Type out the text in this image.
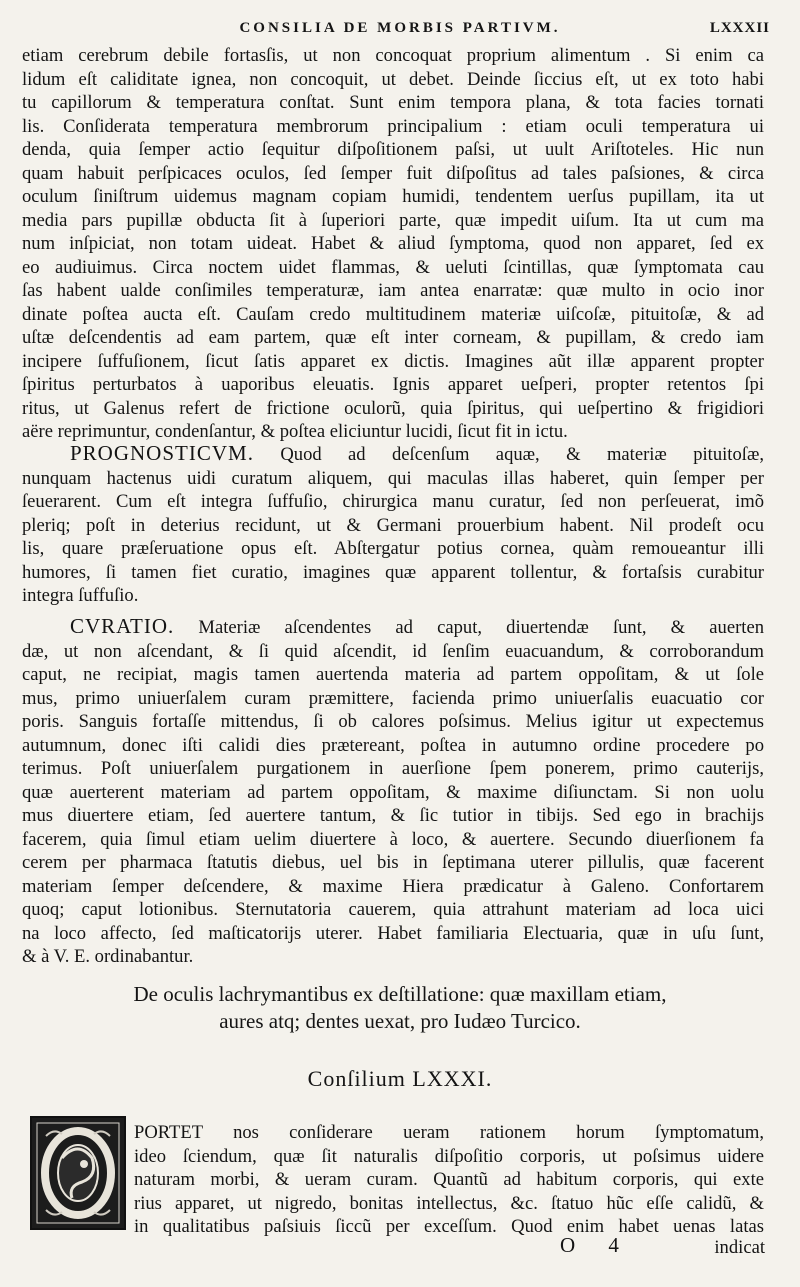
CONSILIA DE MORBIS PARTIVM.	LXXXII
etiam cerebrum debile fortasſis, ut non concoquat proprium alimentum . Si enim ca
lidum eſt caliditate ignea, non concoquit, ut debet. Deinde ſiccius eſt, ut ex toto habi
tu capillorum & temperatura conſtat. Sunt enim tempora plana, & tota facies tornati
lis. Conſiderata temperatura membrorum principalium : etiam oculi temperatura ui
denda, quia ſemper actio ſequitur diſpoſitionem paſsi, ut uult Ariſtoteles. Hic nun
quam habuit perſpicaces oculos, ſed ſemper fuit diſpoſitus ad tales paſsiones, & circa
oculum ſiniſtrum uidemus magnam copiam humidi, tendentem uerſus pupillam, ita ut
media pars pupillæ obducta ſit à ſuperiori parte, quæ impedit uiſum. Ita ut cum ma
num inſpiciat, non totam uideat. Habet & aliud ſymptoma, quod non apparet, ſed ex
eo audiuimus. Circa noctem uidet flammas, & ueluti ſcintillas, quæ ſymptomata cau
ſas habent ualde conſimiles temperaturæ, iam antea enarratæ: quæ multo in ocio inor
dinate poſtea aucta eſt. Cauſam credo multitudinem materiæ uiſcoſæ, pituitoſæ, & ad
uſtæ deſcendentis ad eam partem, quæ eſt inter corneam, & pupillam, & credo iam
incipere ſuffuſionem, ſicut ſatis apparet ex dictis. Imagines aũt illæ apparent propter
ſpiritus perturbatos à uaporibus eleuatis. Ignis apparet ueſperi, propter retentos ſpi
ritus, ut Galenus refert de frictione oculorũ, quia ſpiritus, qui ueſpertino & frigidiori
aëre reprimuntur, condenſantur, & poſtea eliciuntur lucidi, ſicut fit in ictu.
PROGNOSTICVM. Quod ad deſcenſum aquæ, & materiæ pituitoſæ,
nunquam hactenus uidi curatum aliquem, qui maculas illas haberet, quin ſemper per
ſeuerarent. Cum eſt integra ſuffuſio, chirurgica manu curatur, ſed non perſeuerat, imõ
pleriq; poſt in deterius recidunt, ut & Germani prouerbium habent. Nil prodeſt ocu
lis, quare præſeruatione opus eſt. Abſtergatur potius cornea, quàm remoueantur illi
humores, ſi tamen fiet curatio, imagines quæ apparent tollentur, & fortaſsis curabitur
integra ſuffuſio.
CVRATIO. Materiæ aſcendentes ad caput, diuertendæ ſunt, & auerten
dæ, ut non aſcendant, & ſi quid aſcendit, id ſenſim euacuandum, & corroborandum
caput, ne recipiat, magis tamen auertenda materia ad partem oppoſitam, & ut ſole
mus, primo uniuerſalem curam præmittere, facienda primo uniuerſalis euacuatio cor
poris. Sanguis fortaſſe mittendus, ſi ob calores poſsimus. Melius igitur ut expectemus
autumnum, donec iſti calidi dies prætereant, poſtea in autumno ordine procedere po
terimus. Poſt uniuerſalem purgationem in auerſione ſpem ponerem, primo cauterijs,
quæ auerterent materiam ad partem oppoſitam, & maxime diſiunctam. Si non uolu
mus diuertere etiam, ſed auertere tantum, & ſic tutior in tibijs. Sed ego in brachijs
facerem, quia ſimul etiam uelim diuertere à loco, & auertere. Secundo diuerſionem fa
cerem per pharmaca ſtatutis diebus, uel bis in ſeptimana uterer pillulis, quæ facerent
materiam ſemper deſcendere, & maxime Hiera prædicatur à Galeno. Confortarem
quoq; caput lotionibus. Sternutatoria cauerem, quia attrahunt materiam ad loca uici
na loco affecto, ſed maſticatorijs uterer. Habet familiaria Electuaria, quæ in uſu ſunt,
& à V. E. ordinabantur.
De oculis lachrymantibus ex deſtillatione: quæ maxillam etiam,
aures atq; dentes uexat, pro Iudæo Turcico.
Conſilium LXXXI.
PORTET nos conſiderare ueram rationem horum ſymptomatum,
ideo ſciendum, quæ ſit naturalis diſpoſitio corporis, ut poſsimus uidere
naturam morbi, & ueram curam. Quantũ ad habitum corporis, qui exte
rius apparet, ut nigredo, bonitas intellectus, &c. ſtatuo hũc eſſe calidũ, &
in qualitatibus paſsiuis ſiccũ per exceſſum. Quod enim habet uenas latas
O 4	indicat
